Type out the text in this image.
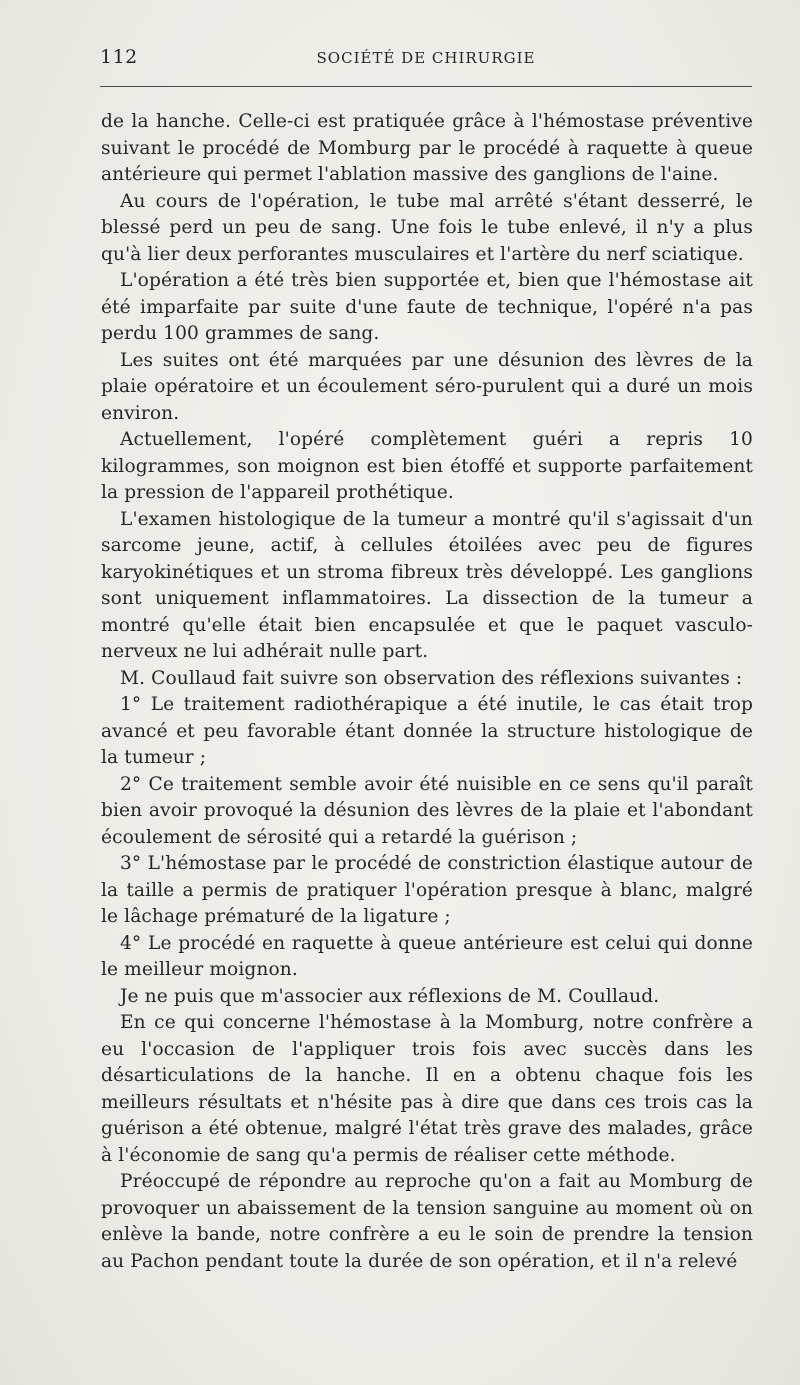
112	SOCIÉTÉ DE CHIRURGIE

de la hanche. Celle-ci est pratiquée grâce à l'hémostase préventive suivant le procédé de Momburg par le procédé à raquette à queue antérieure qui permet l'ablation massive des ganglions de l'aine.

Au cours de l'opération, le tube mal arrêté s'étant desserré, le blessé perd un peu de sang. Une fois le tube enlevé, il n'y a plus qu'à lier deux perforantes musculaires et l'artère du nerf sciatique.

L'opération a été très bien supportée et, bien que l'hémostase ait été imparfaite par suite d'une faute de technique, l'opéré n'a pas perdu 100 grammes de sang.

Les suites ont été marquées par une désunion des lèvres de la plaie opératoire et un écoulement séro-purulent qui a duré un mois environ.

Actuellement, l'opéré complètement guéri a repris 10 kilogrammes, son moignon est bien étoffé et supporte parfaitement la pression de l'appareil prothétique.

L'examen histologique de la tumeur a montré qu'il s'agissait d'un sarcome jeune, actif, à cellules étoilées avec peu de figures karyokinétiques et un stroma fibreux très développé. Les ganglions sont uniquement inflammatoires. La dissection de la tumeur a montré qu'elle était bien encapsulée et que le paquet vasculo-nerveux ne lui adhérait nulle part.

M. Coullaud fait suivre son observation des réflexions suivantes :

1° Le traitement radiothérapique a été inutile, le cas était trop avancé et peu favorable étant donnée la structure histologique de la tumeur ;

2° Ce traitement semble avoir été nuisible en ce sens qu'il paraît bien avoir provoqué la désunion des lèvres de la plaie et l'abondant écoulement de sérosité qui a retardé la guérison ;

3° L'hémostase par le procédé de constriction élastique autour de la taille a permis de pratiquer l'opération presque à blanc, malgré le lâchage prématuré de la ligature ;

4° Le procédé en raquette à queue antérieure est celui qui donne le meilleur moignon.

Je ne puis que m'associer aux réflexions de M. Coullaud.

En ce qui concerne l'hémostase à la Momburg, notre confrère a eu l'occasion de l'appliquer trois fois avec succès dans les désarticulations de la hanche. Il en a obtenu chaque fois les meilleurs résultats et n'hésite pas à dire que dans ces trois cas la guérison a été obtenue, malgré l'état très grave des malades, grâce à l'économie de sang qu'a permis de réaliser cette méthode.

Préoccupé de répondre au reproche qu'on a fait au Momburg de provoquer un abaissement de la tension sanguine au moment où on enlève la bande, notre confrère a eu le soin de prendre la tension au Pachon pendant toute la durée de son opération, et il n'a relevé
